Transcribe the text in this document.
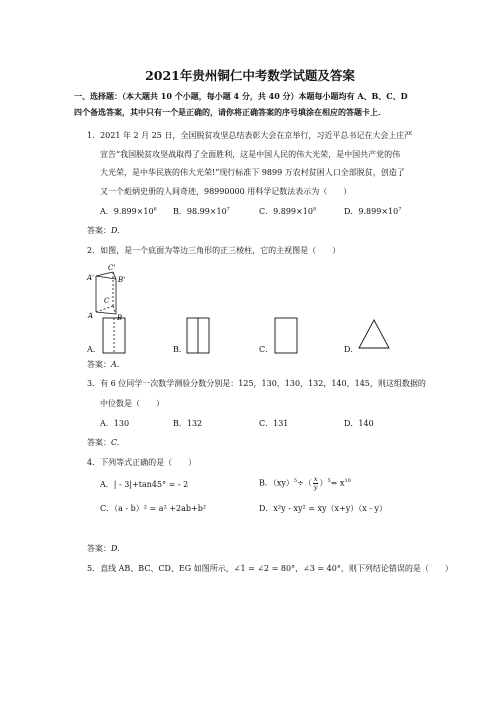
2021年贵州铜仁中考数学试题及答案
一、选择题：（本大题共 10 个小题，每小题 4 分，共 40 分）本题每小题均有 A、B、C、D
四个备选答案，其中只有一个是正确的，请你将正确答案的序号填涂在相应的答题卡上．
1．2021 年 2 月 25 日，全国脱贫攻坚总结表彰大会在京举行，习近平总书记在大会上庄严
宣告“我国脱贫攻坚战取得了全面胜利，这是中国人民的伟大光荣，是中国共产党的伟
大光荣，是中华民族的伟大光荣!”现行标准下 9899 万农村贫困人口全部脱贫，创造了
又一个彪炳史册的人间奇迹，98990000 用科学记数法表示为（　　）
A．$9.899\times 10^6$ B．$98.99\times 10^7$	C．$9.899\times 10^8$	D．$9.899\times 10^7$
答案：D.
2．如图，是一个底面为等边三角形的正三棱柱，它的主视图是（　　）
C'
A'	B'
C
A	B
A．	B．	C．	D．
答案：A.
3．有 6 位同学一次数学测验分数分别是：125，130，130，132，140，145，则这组数据的
中位数是（　　）
A．130	B．132	C．131	D．140
答案：C.
4．下列等式正确的是（　　）
A．| - 3|+tan45° = - 2	B．$(xy)^5\div( \frac{x}{y} )^5= x^{10}$
C．（a - b）² = a² +2ab+b²	D．x²y - xy² = xy（x+y）（x - y）
答案：D.
5．直线 AB、BC、CD、EG 如图所示，∠1 = ∠2 = 80°，∠3 = 40°，则下列结论错误的是（　　）
